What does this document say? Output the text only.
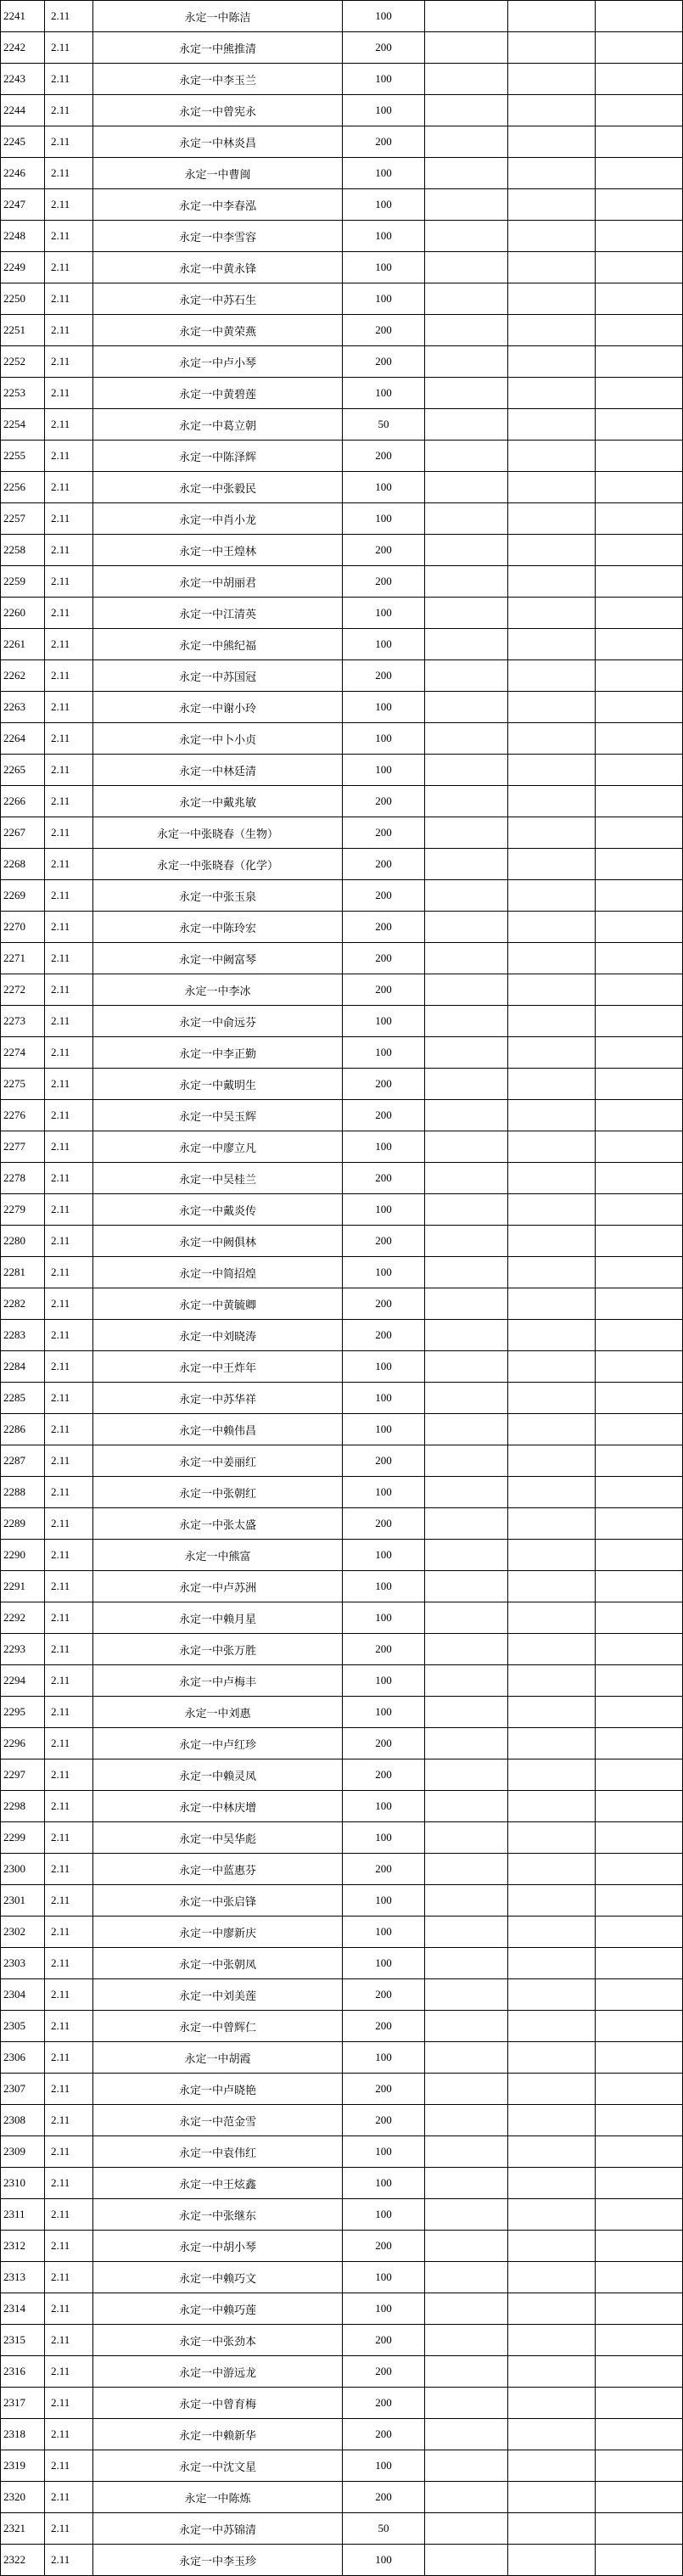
2241	2.11	永定一中陈洁	100			
2242	2.11	永定一中熊推清	200			
2243	2.11	永定一中李玉兰	100			
2244	2.11	永定一中曾宪永	100			
2245	2.11	永定一中林炎昌	200			
2246	2.11	永定一中曹闽	100			
2247	2.11	永定一中李春泓	100			
2248	2.11	永定一中李雪容	100			
2249	2.11	永定一中黄永锋	100			
2250	2.11	永定一中苏石生	100			
2251	2.11	永定一中黄荣燕	200			
2252	2.11	永定一中卢小琴	200			
2253	2.11	永定一中黄碧莲	100			
2254	2.11	永定一中葛立朝	50			
2255	2.11	永定一中陈泽辉	200			
2256	2.11	永定一中张毅民	100			
2257	2.11	永定一中肖小龙	100			
2258	2.11	永定一中王煌林	200			
2259	2.11	永定一中胡丽君	200			
2260	2.11	永定一中江清英	100			
2261	2.11	永定一中熊纪福	100			
2262	2.11	永定一中苏国冠	200			
2263	2.11	永定一中谢小玲	100			
2264	2.11	永定一中卜小贞	100			
2265	2.11	永定一中林廷清	100			
2266	2.11	永定一中戴兆敏	200			
2267	2.11	永定一中张晓春（生物）	200			
2268	2.11	永定一中张晓春（化学）	200			
2269	2.11	永定一中张玉泉	200			
2270	2.11	永定一中陈玲宏	200			
2271	2.11	永定一中阙富琴	200			
2272	2.11	永定一中李冰	200			
2273	2.11	永定一中俞远芬	100			
2274	2.11	永定一中李正勤	100			
2275	2.11	永定一中戴明生	200			
2276	2.11	永定一中吴玉辉	200			
2277	2.11	永定一中廖立凡	100			
2278	2.11	永定一中吴桂兰	200			
2279	2.11	永定一中戴炎传	100			
2280	2.11	永定一中阙俱林	200			
2281	2.11	永定一中简招煌	100			
2282	2.11	永定一中黄毓卿	200			
2283	2.11	永定一中刘晓涛	200			
2284	2.11	永定一中王炸年	100			
2285	2.11	永定一中苏华祥	100			
2286	2.11	永定一中赖伟昌	100			
2287	2.11	永定一中姜丽红	200			
2288	2.11	永定一中张朝红	100			
2289	2.11	永定一中张太盛	200			
2290	2.11	永定一中熊富	100			
2291	2.11	永定一中卢苏洲	100			
2292	2.11	永定一中赖月星	100			
2293	2.11	永定一中张万胜	200			
2294	2.11	永定一中卢梅丰	100			
2295	2.11	永定一中刘惠	100			
2296	2.11	永定一中卢红珍	200			
2297	2.11	永定一中赖灵凤	200			
2298	2.11	永定一中林庆增	100			
2299	2.11	永定一中吴华彪	100			
2300	2.11	永定一中蓝惠芬	200			
2301	2.11	永定一中张启锋	100			
2302	2.11	永定一中廖新庆	100			
2303	2.11	永定一中张朝凤	100			
2304	2.11	永定一中刘美莲	200			
2305	2.11	永定一中曾辉仁	200			
2306	2.11	永定一中胡霞	100			
2307	2.11	永定一中卢晓艳	200			
2308	2.11	永定一中范金雪	200			
2309	2.11	永定一中袁伟红	100			
2310	2.11	永定一中王炫鑫	100			
2311	2.11	永定一中张继东	100			
2312	2.11	永定一中胡小琴	200			
2313	2.11	永定一中赖巧文	100			
2314	2.11	永定一中赖巧莲	100			
2315	2.11	永定一中张劲本	200			
2316	2.11	永定一中游远龙	200			
2317	2.11	永定一中曾育梅	200			
2318	2.11	永定一中赖新华	200			
2319	2.11	永定一中沈文星	100			
2320	2.11	永定一中陈炼	200			
2321	2.11	永定一中苏锦清	50			
2322	2.11	永定一中李玉珍	100			
